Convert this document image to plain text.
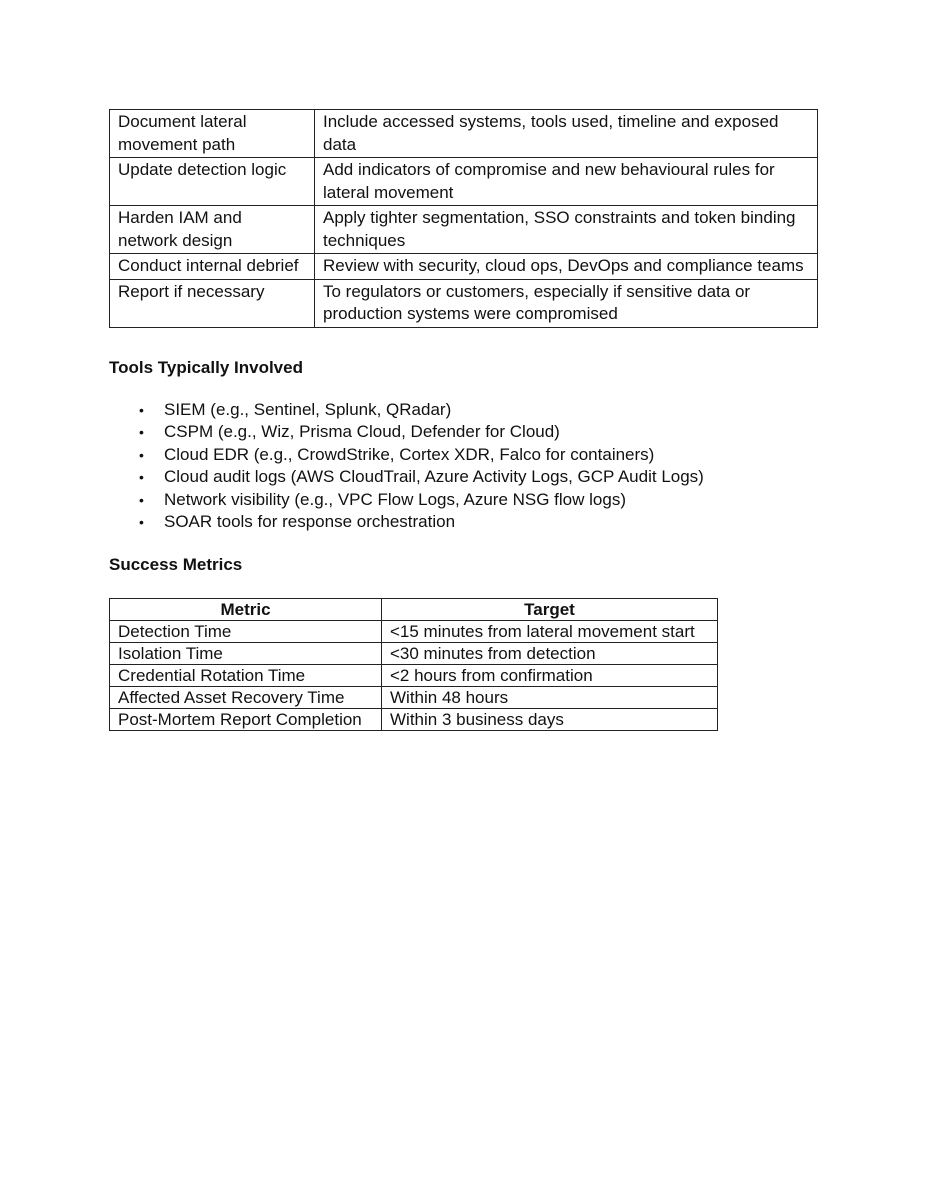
Document lateral movement path	Include accessed systems, tools used, timeline and exposed data
Update detection logic	Add indicators of compromise and new behavioural rules for lateral movement
Harden IAM and network design	Apply tighter segmentation, SSO constraints and token binding techniques
Conduct internal debrief	Review with security, cloud ops, DevOps and compliance teams
Report if necessary	To regulators or customers, especially if sensitive data or production systems were compromised
Tools Typically Involved
• SIEM (e.g., Sentinel, Splunk, QRadar)
• CSPM (e.g., Wiz, Prisma Cloud, Defender for Cloud)
• Cloud EDR (e.g., CrowdStrike, Cortex XDR, Falco for containers)
• Cloud audit logs (AWS CloudTrail, Azure Activity Logs, GCP Audit Logs)
• Network visibility (e.g., VPC Flow Logs, Azure NSG flow logs)
• SOAR tools for response orchestration
Success Metrics
Metric	Target
Detection Time	<15 minutes from lateral movement start
Isolation Time	<30 minutes from detection
Credential Rotation Time	<2 hours from confirmation
Affected Asset Recovery Time	Within 48 hours
Post-Mortem Report Completion	Within 3 business days
